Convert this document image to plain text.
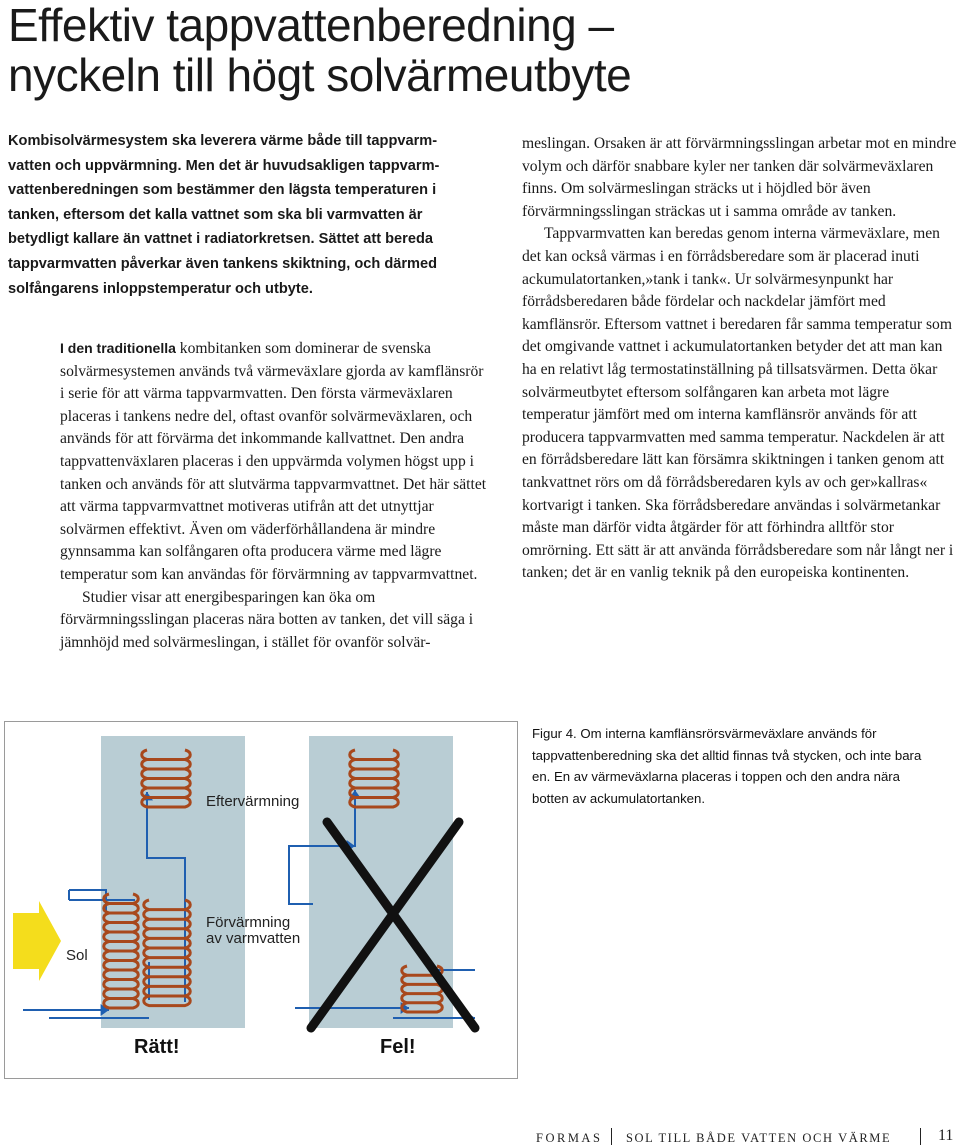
Effektiv tappvattenberedning –
nyckeln till högt solvärmeutbyte

Kombisolvärmesystem ska leverera värme både till tappvarm-vatten och uppvärmning. Men det är huvudsakligen tappvarm-vattenberedningen som bestämmer den lägsta temperaturen i tanken, eftersom det kalla vattnet som ska bli varmvatten är betydligt kallare än vattnet i radiatorkretsen. Sättet att bereda tappvarmvatten påverkar även tankens skiktning, och därmed solfångarens inloppstemperatur och utbyte.

I den traditionella kombitanken som dominerar de svenska solvärmesystemen används två värmeväxlare gjorda av kamflänsrör i serie för att värma tappvarmvatten. Den första värmeväxlaren placeras i tankens nedre del, oftast ovanför solvärmeväxlaren, och används för att förvärma det inkommande kallvattnet. Den andra tappvattenväxlaren placeras i den uppvärmda volymen högst upp i tanken och används för att slutvärma tappvarmvattnet. Det här sättet att värma tappvarmvattnet motiveras utifrån att det utnyttjar solvärmen effektivt. Även om väderförhållandena är mindre gynnsamma kan solfångaren ofta producera värme med lägre temperatur som kan användas för förvärmning av tappvarmvattnet.

Studier visar att energibesparingen kan öka om förvärmningsslingan placeras nära botten av tanken, det vill säga i jämnhöjd med solvärmeslingan, i stället för ovanför solvär-

meslingan. Orsaken är att förvärmningsslingan arbetar mot en mindre volym och därför snabbare kyler ner tanken där solvärmeväxlaren finns. Om solvärmeslingan sträcks ut i höjdled bör även förvärmningsslingan sträckas ut i samma område av tanken.

Tappvarmvatten kan beredas genom interna värmeväxlare, men det kan också värmas i en förrådsberedare som är placerad inuti ackumulatortanken,»tank i tank«. Ur solvärmesynpunkt har förrådsberedaren både fördelar och nackdelar jämfört med kamflänsrör. Eftersom vattnet i beredaren får samma temperatur som det omgivande vattnet i ackumulatortanken betyder det att man kan ha en relativt låg termostatinställning på tillsatsvärmen. Detta ökar solvärmeutbytet eftersom solfångaren kan arbeta mot lägre temperatur jämfört med om interna kamflänsrör används för att producera tappvarmvatten med samma temperatur. Nackdelen är att en förrådsberedare lätt kan försämra skiktningen i tanken genom att tankvattnet rörs om då förrådsberedaren kyls av och ger»kallras« kortvarigt i tanken. Ska förrådsberedare användas i solvärmetankar måste man därför vidta åtgärder för att förhindra alltför stor omrörning. Ett sätt är att använda förrådsberedare som når långt ner i tanken; det är en vanlig teknik på den europeiska kontinenten.

Eftervärmning
Förvärmning
av varmvatten
Sol
Rätt!	Fel!

Figur 4. Om interna kamflänsrörsvärmeväxlare används för tappvattenberedning ska det alltid finnas två stycken, och inte bara en. En av värmeväxlarna placeras i toppen och den andra nära botten av ackumulatortanken.

FORMAS SOL TILL BÅDE VATTEN OCH VÄRME	11
